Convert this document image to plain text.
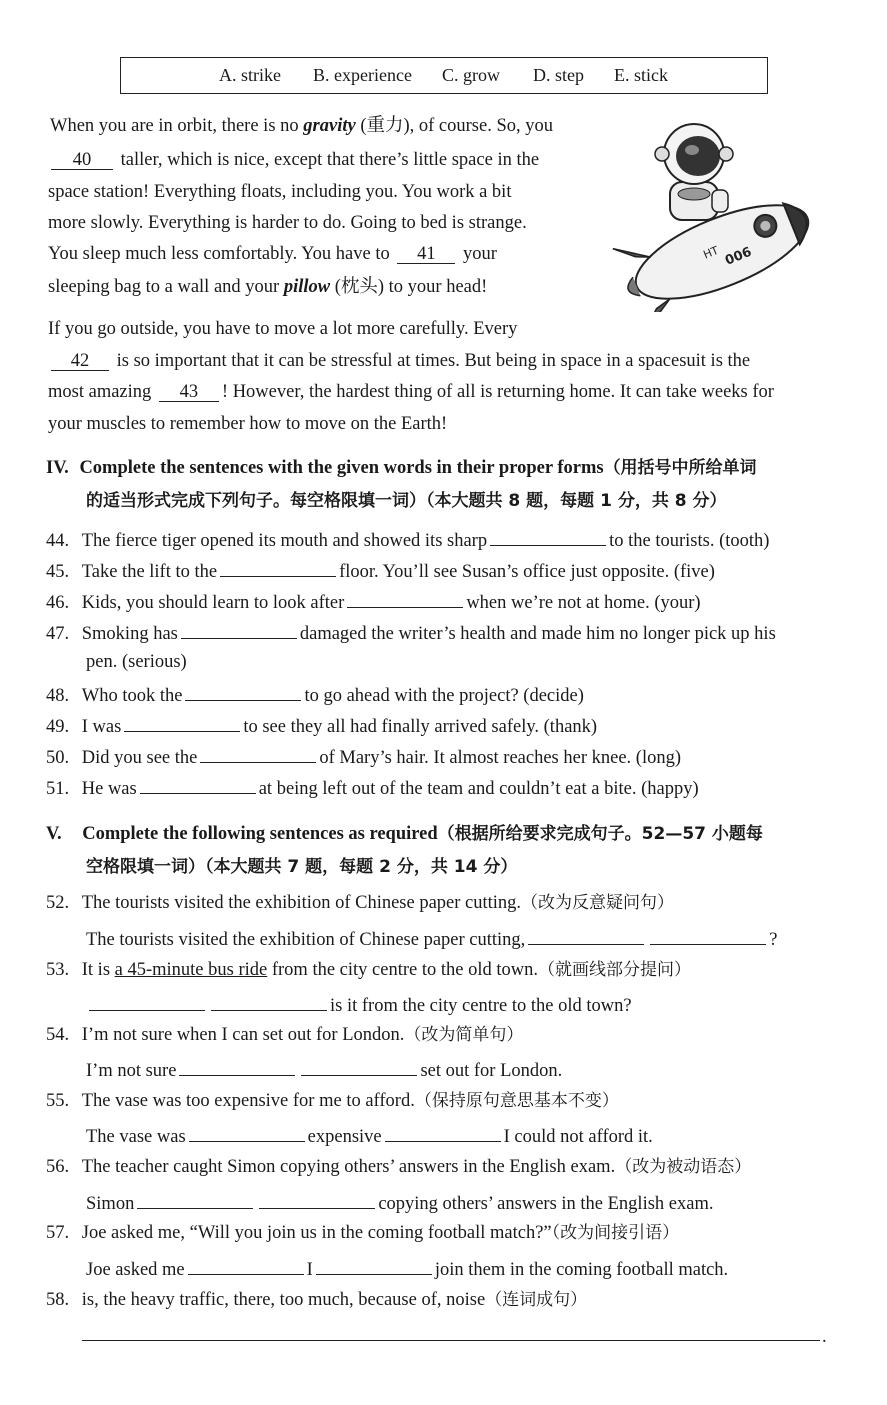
A. strike B. experience C. grow D. step E. stick
When you are in orbit, there is no gravity (重力), of course. So, you
40 taller, which is nice, except that there’s little space in the
space station! Everything floats, including you. You work a bit
more slowly. Everything is harder to do. Going to bed is strange.
You sleep much less comfortably. You have to 41 your
sleeping bag to a wall and your pillow (枕头) to your head!
HT 006
If you go outside, you have to move a lot more carefully. Every
42 is so important that it can be stressful at times. But being in space in a spacesuit is the
most amazing 43 ! However, the hardest thing of all is returning home. It can take weeks for
your muscles to remember how to move on the Earth!
IV. Complete the sentences with the given words in their proper forms（用括号中所给单词
的适当形式完成下列句子。每空格限填一词）（本大题共 8 题，每题 1 分，共 8 分）
44. The fierce tiger opened its mouth and showed its sharp	to the tourists. (tooth)
45. Take the lift to the	floor. You’ll see Susan’s office just opposite. (five)
46. Kids, you should learn to look after	when we’re not at home. (your)
47. Smoking has	damaged the writer’s health and made him no longer pick up his
pen. (serious)
48. Who took the	to go ahead with the project? (decide)
49. I was	to see they all had finally arrived safely. (thank)
50. Did you see the	of Mary’s hair. It almost reaches her knee. (long)
51. He was	at being left out of the team and couldn’t eat a bite. (happy)
V. Complete the following sentences as required（根据所给要求完成句子。52—57 小题每
空格限填一词）（本大题共 7 题，每题 2 分，共 14 分）
52. The tourists visited the exhibition of Chinese paper cutting.（改为反意疑问句）
The tourists visited the exhibition of Chinese paper cutting,	?
53. It is a 45-minute bus ride from the city centre to the old town.（就画线部分提问）
is it from the city centre to the old town?
54. I’m not sure when I can set out for London.（改为简单句）
I’m not sure	set out for London.
55. The vase was too expensive for me to afford.（保持原句意思基本不变）
The vase was	expensive	I could not afford it.
56. The teacher caught Simon copying others’ answers in the English exam.（改为被动语态）
Simon	copying others’ answers in the English exam.
57. Joe asked me, “Will you join us in the coming football match?”（改为间接引语）
Joe asked me	I	join them in the coming football match.
58. is, the heavy traffic, there, too much, because of, noise（连词成句）
.
